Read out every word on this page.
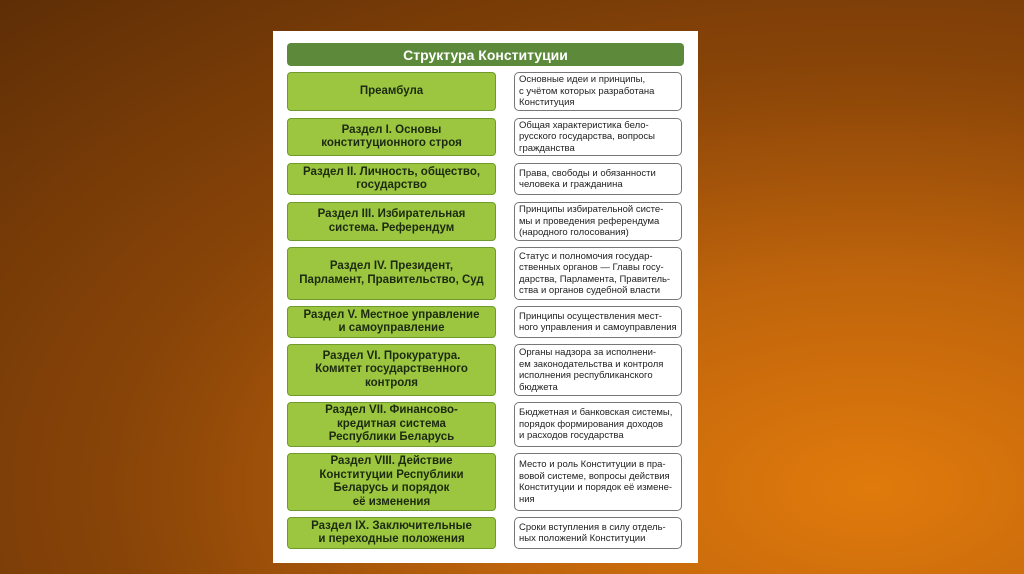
Структура Конституции
Преамбула
Основные идеи и принципы,
с учётом которых разработана
Конституция
Раздел I. Основы
конституционного строя
Общая характеристика бело-
русского государства, вопросы
гражданства
Раздел II. Личность, общество,
государство
Права, свободы и обязанности
человека и гражданина
Раздел III. Избирательная
система. Референдум
Принципы избирательной систе-
мы и проведения референдума
(народного голосования)
Раздел IV. Президент,
Парламент, Правительство, Суд
Статус и полномочия государ-
ственных органов — Главы госу-
дарства, Парламента, Правитель-
ства и органов судебной власти
Раздел V. Местное управление
и самоуправление
Принципы осуществления мест-
ного управления и самоуправления
Раздел VI. Прокуратура.
Комитет государственного
контроля
Органы надзора за исполнени-
ем законодательства и контроля
исполнения республиканского
бюджета
Раздел VII. Финансово-
кредитная система
Республики Беларусь
Бюджетная и банковская системы,
порядок формирования доходов
и расходов государства
Раздел VIII. Действие
Конституции Республики
Беларусь и порядок
её изменения
Место и роль Конституции в пра-
вовой системе, вопросы действия
Конституции и порядок её измене-
ния
Раздел IX. Заключительные
и переходные положения
Сроки вступления в силу отдель-
ных положений Конституции
